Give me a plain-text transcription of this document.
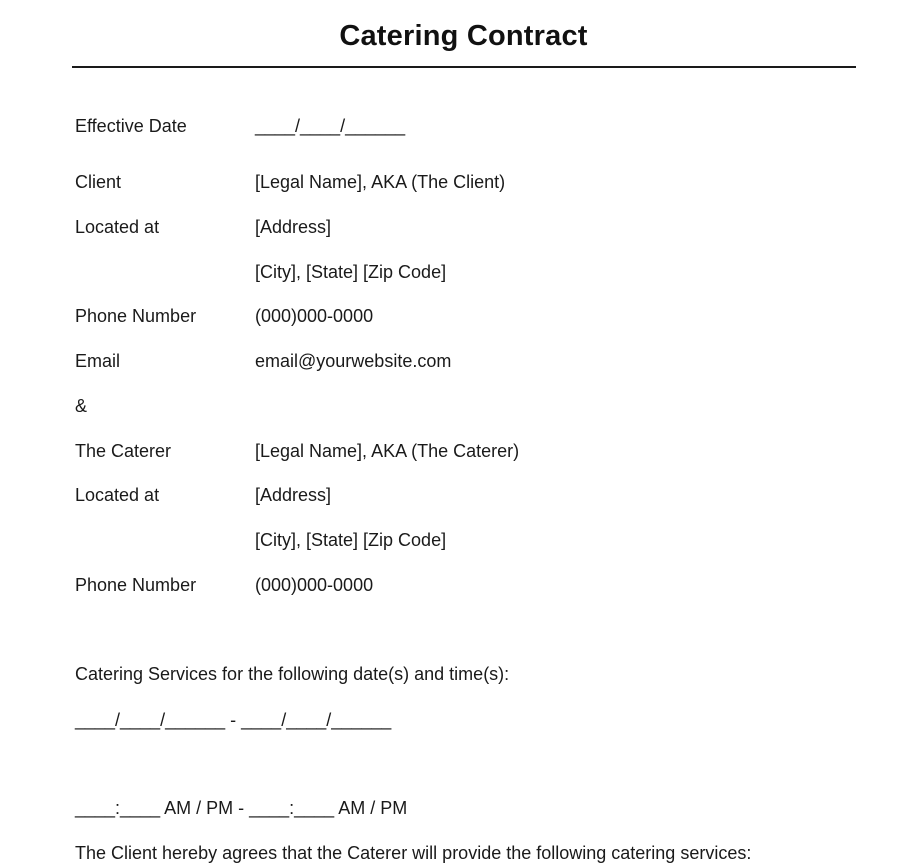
Catering Contract
Effective Date	____/____/______
Client	[Legal Name], AKA (The Client)
Located at	[Address]
[City], [State] [Zip Code]
Phone Number	(000)000-0000
Email	email@yourwebsite.com
&
The Caterer	[Legal Name], AKA (The Caterer)
Located at	[Address]
[City], [State] [Zip Code]
Phone Number	(000)000-0000
Catering Services for the following date(s) and time(s):
____/____/______ - ____/____/______
____:____ AM / PM - ____:____ AM / PM
The Client hereby agrees that the Caterer will provide the following catering services:
